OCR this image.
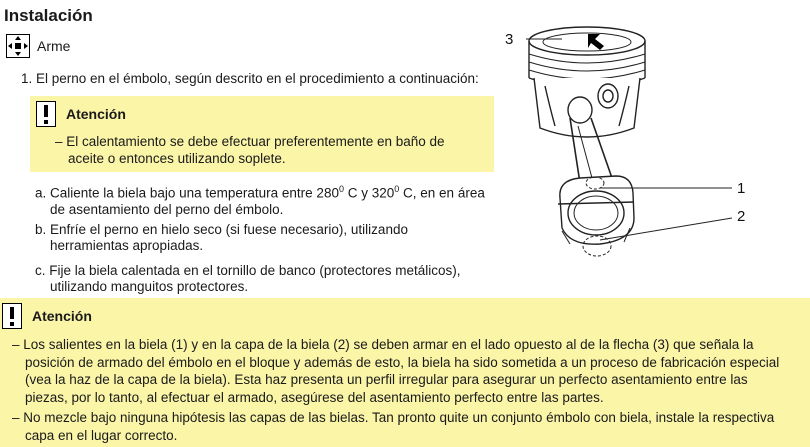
Instalación
Arme
1. El perno en el émbolo, según descrito en el procedimiento a continuación:
Atención
– El calentamiento se debe efectuar preferentemente en baño de
aceite o entonces utilizando soplete.
a. Caliente la biela bajo una temperatura entre $280^0$ C y $320^0$ C, en en área
de asentamiento del perno del émbolo.
b. Enfríe el perno en hielo seco (si fuese necesario), utilizando
herramientas apropiadas.
c. Fije la biela calentada en el tornillo de banco (protectores metálicos),
utilizando manguitos protectores.
3
1
2
Atención
– Los salientes en la biela (1) y en la capa de la biela (2) se deben armar en el lado opuesto al de la flecha (3) que señala la
posición de armado del émbolo en el bloque y además de esto, la biela ha sido sometida a un proceso de fabricación especial
(vea la haz de la capa de la biela). Esta haz presenta un perfil irregular para asegurar un perfecto asentamiento entre las
piezas, por lo tanto, al efectuar el armado, asegúrese del asentamiento perfecto entre las partes.
– No mezcle bajo ninguna hipótesis las capas de las bielas. Tan pronto quite un conjunto émbolo con biela, instale la respectiva
capa en el lugar correcto.
